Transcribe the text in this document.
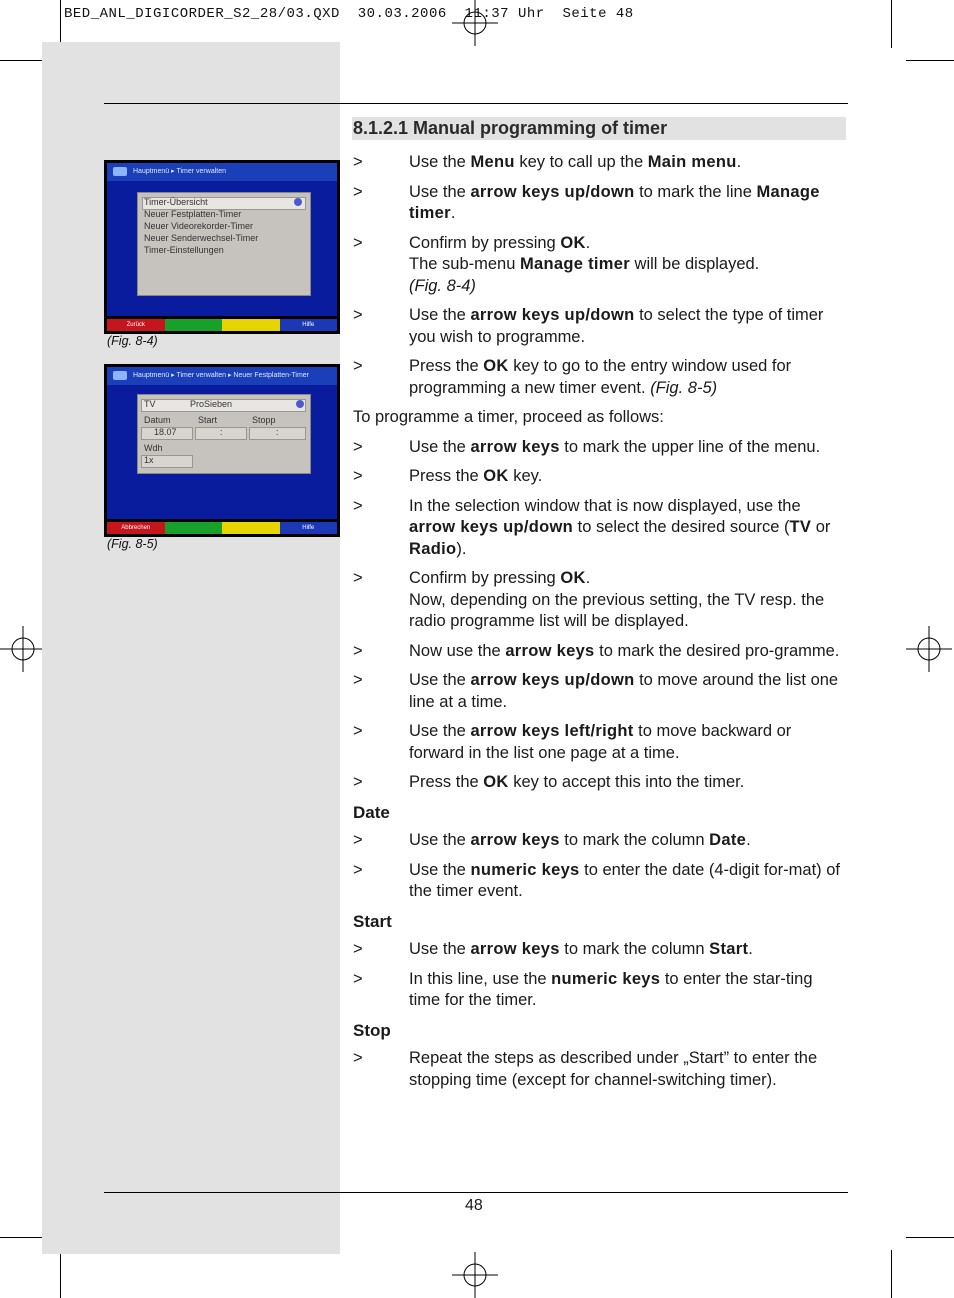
BED_ANL_DIGICORDER_S2_28/03.QXD  30.03.2006  11:37 Uhr  Seite 48
Hauptmenü ▸ Timer verwalten
Timer-Übersicht
Neuer Festplatten-Timer
Neuer Videorekorder-Timer
Neuer Senderwechsel-Timer
Timer-Einstellungen
Zurück	Hilfe
(Fig. 8-4)
Hauptmenü ▸ Timer verwalten ▸ Neuer Festplatten-Timer
TV	ProSieben
Datum	Start	Stopp
18.07	:	:
Wdh
1x
Abbrechen	Hilfe
(Fig. 8-5)
8.1.2.1 Manual programming of timer
>	Use the Menu key to call up the Main menu.
>	Use the arrow keys up/down to mark the line Manage timer.
>	Confirm by pressing OK.
The sub-menu Manage timer will be displayed.
(Fig. 8-4)
>	Use the arrow keys up/down to select the type of timer you wish to programme.
>	Press the OK key to go to the entry window used for programming a new timer event. (Fig. 8-5)
To programme a timer, proceed as follows:
>	Use the arrow keys to mark the upper line of the menu.
>	Press the OK key.
>	In the selection window that is now displayed, use the arrow keys up/down to select the desired source (TV or Radio).
>	Confirm by pressing OK.
Now, depending on the previous setting, the TV resp. the radio programme list will be displayed.
>	Now use the arrow keys to mark the desired pro-gramme.
>	Use the arrow keys up/down to move around the list one line at a time.
>	Use the arrow keys left/right to move backward or forward in the list one page at a time.
>	Press the OK key to accept this into the timer.
Date
>	Use the arrow keys to mark the column Date.
>	Use the numeric keys to enter the date (4-digit for-mat) of the timer event.
Start
>	Use the arrow keys to mark the column Start.
>	In this line, use the numeric keys to enter the star-ting time for the timer.
Stop
>	Repeat the steps as described under „Start” to enter the stopping time (except for channel-switching timer).
48
